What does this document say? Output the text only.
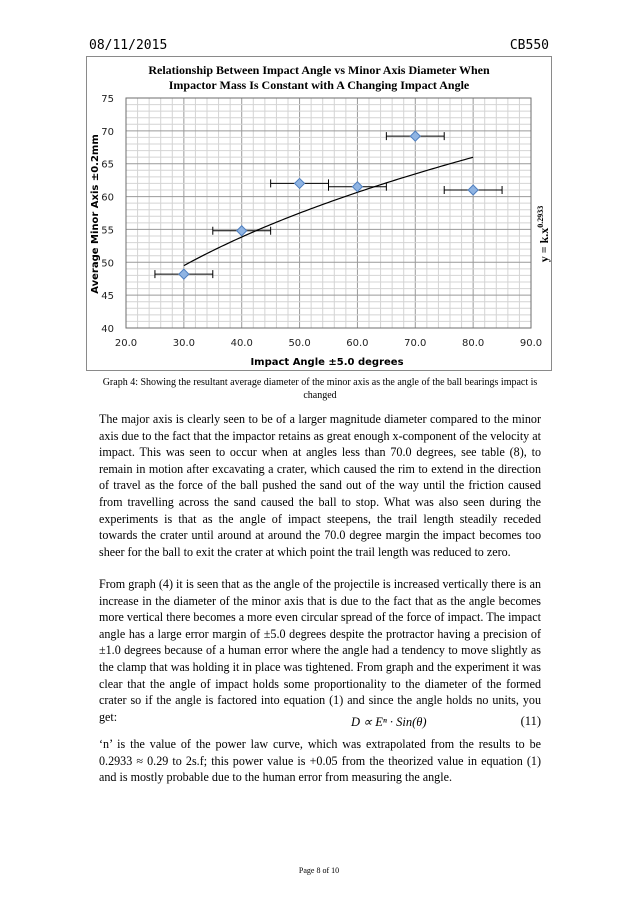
08/11/2015	CB550
Relationship Between Impact Angle vs Minor Axis Diameter When
Impactor Mass Is Constant with A Changing Impact Angle
40
45
50
55
60
65
70
75
20.0	30.0	40.0	50.0	60.0	70.0	80.0	90.0
Impact Angle ±5.0 degrees
Average Minor Axis ±0.2mm	$y = k.x^{0.2933}$
Graph 4: Showing the resultant average diameter of the minor axis as the angle of the ball bearings impact is changed

The major axis is clearly seen to be of a larger magnitude diameter compared to the minor axis due to the fact that the impactor retains as great enough x-component of the velocity at impact. This was seen to occur when at angles less than 70.0 degrees, see table (8), to remain in motion after excavating a crater, which caused the rim to extend in the direction of travel as the force of the ball pushed the sand out of the way until the friction caused from travelling across the sand caused the ball to stop. What was also seen during the experiments is that as the angle of impact steepens, the trail length steadily receded towards the crater until around at around the 70.0 degree margin the impact becomes too sheer for the ball to exit the crater at which point the trail length was reduced to zero.

From graph (4) it is seen that as the angle of the projectile is increased vertically there is an increase in the diameter of the minor axis that is due to the fact that as the angle becomes more vertical there becomes a more even circular spread of the force of impact. The impact angle has a large error margin of ±5.0 degrees despite the protractor having a precision of ±1.0 degrees because of a human error where the angle had a tendency to move slightly as the clamp that was holding it in place was tightened. From graph and the experiment it was clear that the angle of impact holds some proportionality to the diameter of the formed crater so if the angle is factored into equation (1) and since the angle holds no units, you get:	D ∝ Eⁿ · Sin(θ)	(11)

‘n’ is the value of the power law curve, which was extrapolated from the results to be 0.2933 ≈ 0.29 to 2s.f; this power value is +0.05 from the theorized value in equation (1) and is mostly probable due to the human error from measuring the angle.

Page 8 of 10
